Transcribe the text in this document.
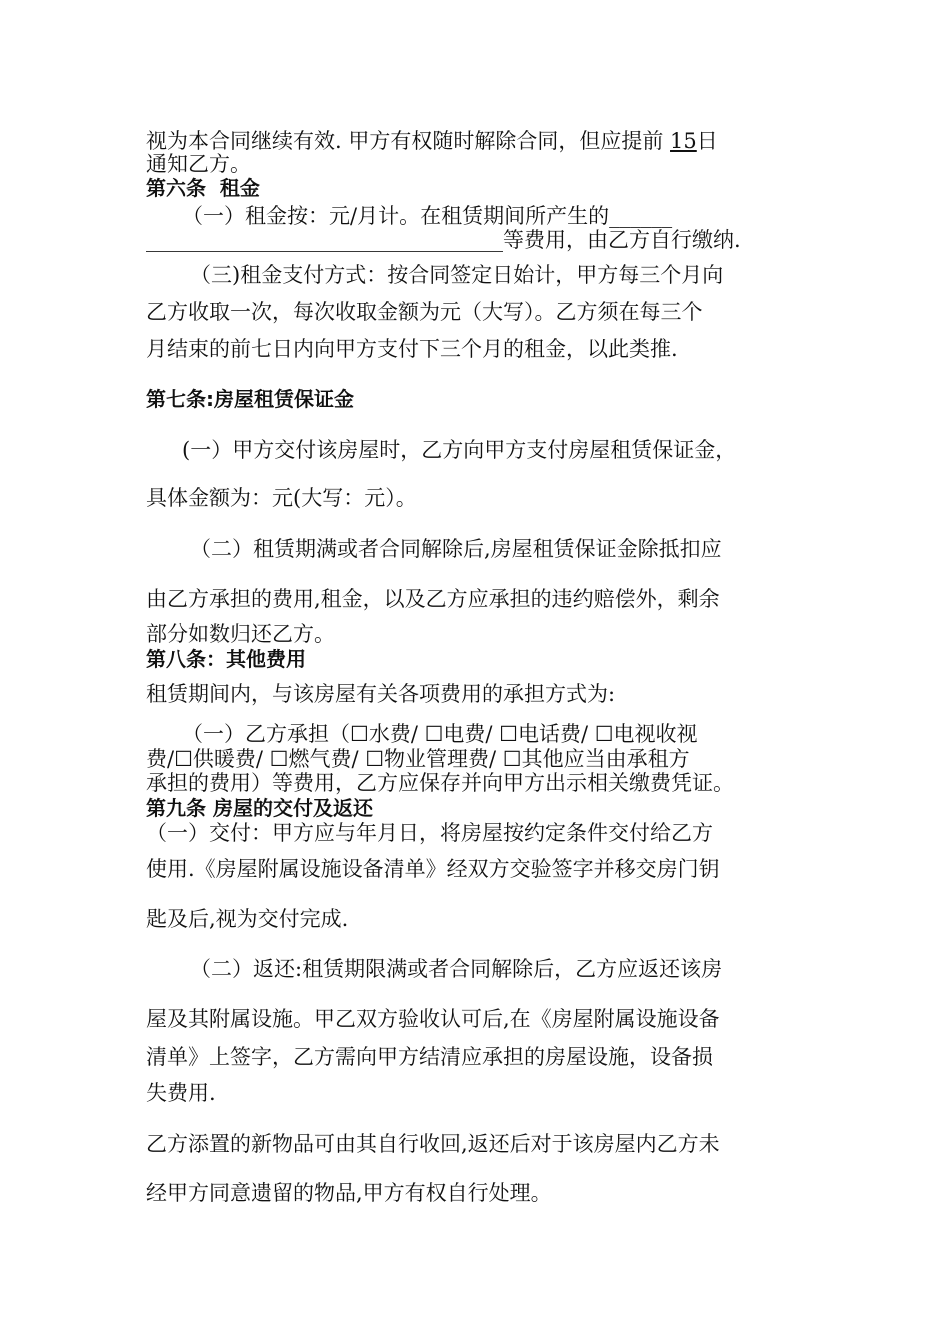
视为本合同继续有效. 甲方有权随时解除合同，但应提前 15日
通知乙方。
第六条  租金
（一）租金按：元/月计。在租赁期间所产生的______
__________________________________等费用，由乙方自行缴纳.
（三)租金支付方式：按合同签定日始计，甲方每三个月向
乙方收取一次，每次收取金额为元（大写）。乙方须在每三个
月结束的前七日内向甲方支付下三个月的租金，以此类推.
第七条:房屋租赁保证金
(一）甲方交付该房屋时，乙方向甲方支付房屋租赁保证金，
具体金额为：元(大写：元）。
（二）租赁期满或者合同解除后,房屋租赁保证金除抵扣应
由乙方承担的费用,租金，以及乙方应承担的违约赔偿外，剩余
部分如数归还乙方。
第八条：其他费用
租赁期间内，与该房屋有关各项费用的承担方式为:
（一）乙方承担（☐水费/ ☐电费/ ☐电话费/ ☐电视收视
费/☐供暖费/ ☐燃气费/ ☐物业管理费/ ☐其他应当由承租方
承担的费用）等费用，乙方应保存并向甲方出示相关缴费凭证。
第九条 房屋的交付及返还
（一）交付：甲方应与年月日，将房屋按约定条件交付给乙方
使用.《房屋附属设施设备清单》经双方交验签字并移交房门钥
匙及后,视为交付完成.
（二）返还:租赁期限满或者合同解除后，乙方应返还该房
屋及其附属设施。甲乙双方验收认可后,在《房屋附属设施设备
清单》上签字，乙方需向甲方结清应承担的房屋设施，设备损
失费用.
乙方添置的新物品可由其自行收回,返还后对于该房屋内乙方未
经甲方同意遗留的物品,甲方有权自行处理。
